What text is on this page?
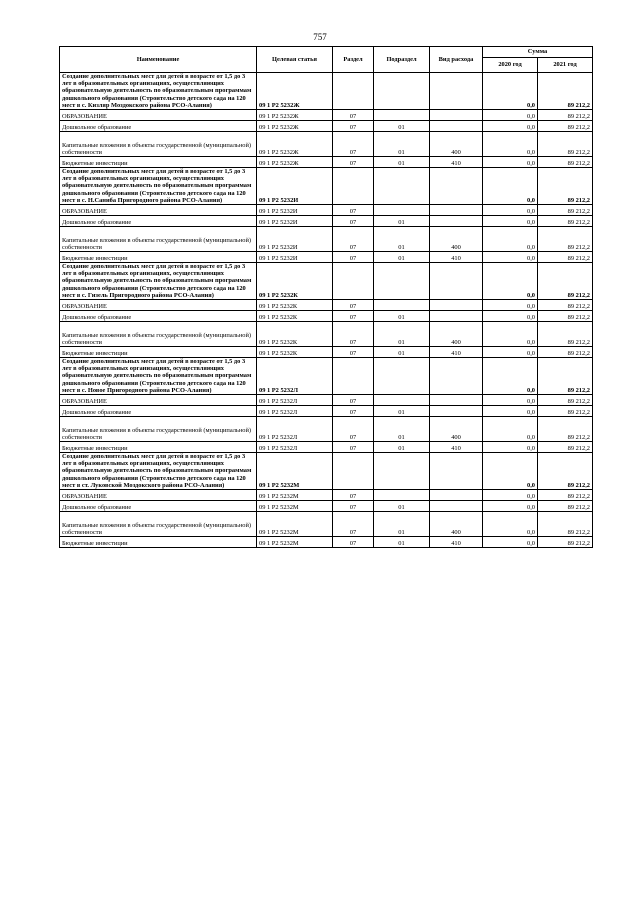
757
Наименование	Целевая статья	Раздел	Подраздел	Вид расхода	Сумма	
					2020 год	2021 год
Создание дополнительных мест для детей в возрасте от 1,5 до 3 лет в образовательных организациях, осуществляющих образовательную деятельность по образовательным программам дошкольного образования (Строительство детского сада на 120 мест в с. Кизляр Моздокского района РСО-Алания)	09 1 P2 5232Ж				0,0	89 212,2
ОБРАЗОВАНИЕ	09 1 P2 5232Ж	07			0,0	89 212,2
Дошкольное образование	09 1 P2 5232Ж	07	01		0,0	89 212,2
Капитальные вложения в объекты государственной (муниципальной) собственности	09 1 P2 5232Ж	07	01	400	0,0	89 212,2
Бюджетные инвестиции	09 1 P2 5232Ж	07	01	410	0,0	89 212,2
Создание дополнительных мест для детей в возрасте от 1,5 до 3 лет в образовательных организациях, осуществляющих образовательную деятельность по образовательным программам дошкольного образования (Строительство детского сада на 120 мест в с. Н.Саниба Пригородного района РСО-Алания)	09 1 P2 5232И				0,0	89 212,2
ОБРАЗОВАНИЕ	09 1 P2 5232И	07			0,0	89 212,2
Дошкольное образование	09 1 P2 5232И	07	01		0,0	89 212,2
Капитальные вложения в объекты государственной (муниципальной) собственности	09 1 P2 5232И	07	01	400	0,0	89 212,2
Бюджетные инвестиции	09 1 P2 5232И	07	01	410	0,0	89 212,2
Создание дополнительных мест для детей в возрасте от 1,5 до 3 лет в образовательных организациях, осуществляющих образовательную деятельность по образовательным программам дошкольного образования (Строительство детского сада на 120 мест в с. Гизель Пригородного района РСО-Алания)	09 1 P2 5232К				0,0	89 212,2
ОБРАЗОВАНИЕ	09 1 P2 5232К	07			0,0	89 212,2
Дошкольное образование	09 1 P2 5232К	07	01		0,0	89 212,2
Капитальные вложения в объекты государственной (муниципальной) собственности	09 1 P2 5232К	07	01	400	0,0	89 212,2
Бюджетные инвестиции	09 1 P2 5232К	07	01	410	0,0	89 212,2
Создание дополнительных мест для детей в возрасте от 1,5 до 3 лет в образовательных организациях, осуществляющих образовательную деятельность по образовательным программам дошкольного образования (Строительство детского сада на 120 мест в с. Новое Пригородного района РСО-Алания)	09 1 P2 5232Л				0,0	89 212,2
ОБРАЗОВАНИЕ	09 1 P2 5232Л	07			0,0	89 212,2
Дошкольное образование	09 1 P2 5232Л	07	01		0,0	89 212,2
Капитальные вложения в объекты государственной (муниципальной) собственности	09 1 P2 5232Л	07	01	400	0,0	89 212,2
Бюджетные инвестиции	09 1 P2 5232Л	07	01	410	0,0	89 212,2
Создание дополнительных мест для детей в возрасте от 1,5 до 3 лет в образовательных организациях, осуществляющих образовательную деятельность по образовательным программам дошкольного образования (Строительство детского сада на 120 мест в ст. Луковской Моздокского района РСО-Алания)	09 1 P2 5232М				0,0	89 212,2
ОБРАЗОВАНИЕ	09 1 P2 5232М	07			0,0	89 212,2
Дошкольное образование	09 1 P2 5232М	07	01		0,0	89 212,2
Капитальные вложения в объекты государственной (муниципальной) собственности	09 1 P2 5232М	07	01	400	0,0	89 212,2
Бюджетные инвестиции	09 1 P2 5232М	07	01	410	0,0	89 212,2
